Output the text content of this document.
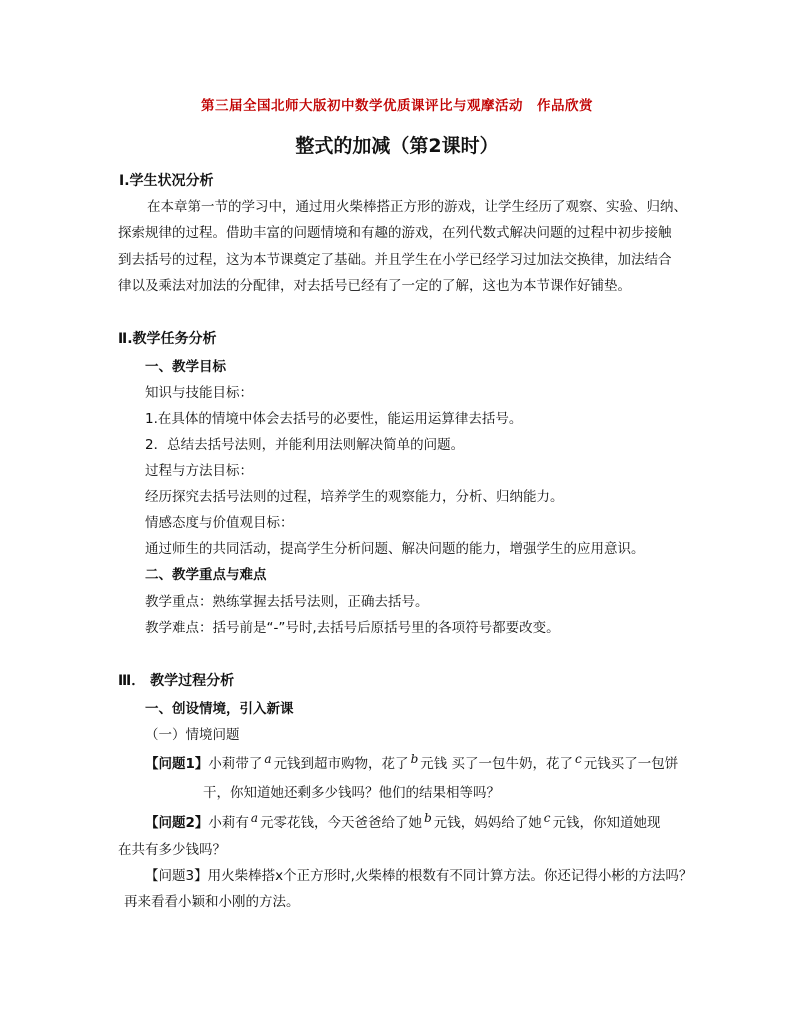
第三届全国北师大版初中数学优质课评比与观摩活动　作品欣赏
整式的加减（第2课时）
Ⅰ.学生状况分析
在本章第一节的学习中，通过用火柴棒搭正方形的游戏，让学生经历了观察、实验、归纳、
探索规律的过程。借助丰富的问题情境和有趣的游戏，在列代数式解决问题的过程中初步接触
到去括号的过程，这为本节课奠定了基础。并且学生在小学已经学习过加法交换律，加法结合
律以及乘法对加法的分配律，对去括号已经有了一定的了解，这也为本节课作好铺垫。
Ⅱ.教学任务分析
一、教学目标
知识与技能目标：
1.在具体的情境中体会去括号的必要性，能运用运算律去括号。
2．总结去括号法则，并能利用法则解决简单的问题。
过程与方法目标：
经历探究去括号法则的过程，培养学生的观察能力，分析、归纳能力。
情感态度与价值观目标：
通过师生的共同活动，提高学生分析问题、解决问题的能力，增强学生的应用意识。
二、教学重点与难点
教学重点：熟练掌握去括号法则，正确去括号。
教学难点：括号前是“-”号时,去括号后原括号里的各项符号都要改变。
Ⅲ． 教学过程分析
一、创设情境，引入新课
（一）情境问题
【问题1】小莉带了 a 元钱到超市购物，花了 b 元钱 买了一包牛奶，花了 c 元钱买了一包饼
干，你知道她还剩多少钱吗？他们的结果相等吗？
【问题2】小莉有 a 元零花钱，今天爸爸给了她 b 元钱，妈妈给了她 c 元钱，你知道她现
在共有多少钱吗？
【问题3】用火柴棒搭x个正方形时,火柴棒的根数有不同计算方法。你还记得小彬的方法吗？
再来看看小颖和小刚的方法。
